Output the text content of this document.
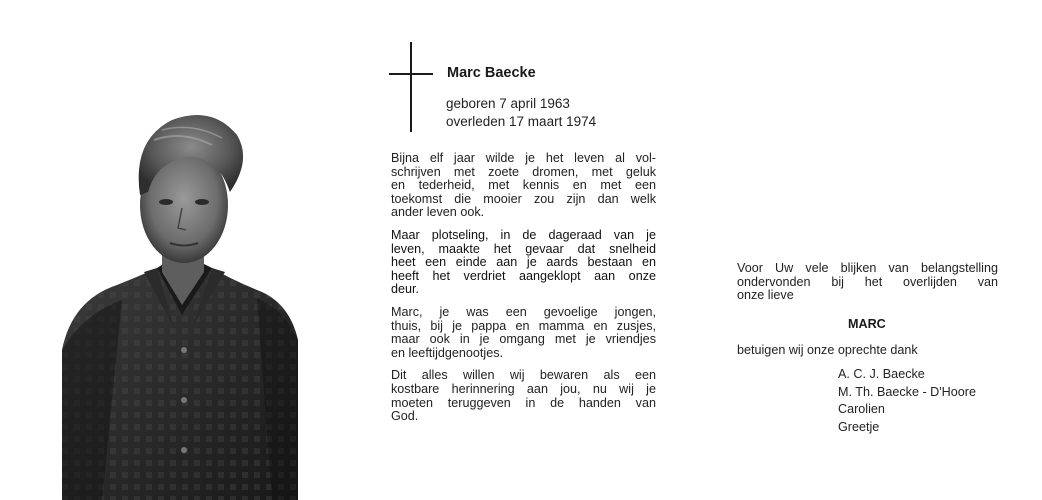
Marc Baecke
geboren 7 april 1963
overleden 17 maart 1974
Bijna elf jaar wilde je het leven al vol-
schrijven met zoete dromen, met geluk
en tederheid, met kennis en met een
toekomst die mooier zou zijn dan welk
ander leven ook.
Maar plotseling, in de dageraad van je
leven, maakte het gevaar dat snelheid
heet een einde aan je aards bestaan en
heeft het verdriet aangeklopt aan onze
deur.
Marc, je was een gevoelige jongen,
thuis, bij je pappa en mamma en zusjes,
maar ook in je omgang met je vriendjes
en leeftijdgenootjes.
Dit alles willen wij bewaren als een
kostbare herinnering aan jou, nu wij je
moeten teruggeven in de handen van
God.
Voor Uw vele blijken van belangstelling
ondervonden bij het overlijden van
onze lieve
MARC
betuigen wij onze oprechte dank
A. C. J. Baecke
M. Th. Baecke - D'Hoore
Carolien
Greetje
